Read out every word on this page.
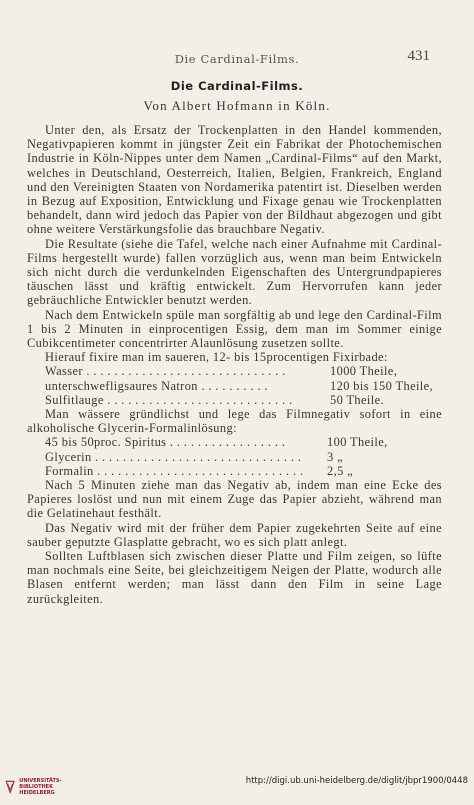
Die Cardinal-Films.	431
Die Cardinal-Films.
Von Albert Hofmann in Köln.

Unter den, als Ersatz der Trockenplatten in den Handel kommenden, Negativpapieren kommt in jüngster Zeit ein Fabrikat der Photochemischen Industrie in Köln-Nippes unter dem Namen „Cardinal-Films“ auf den Markt, welches in Deutschland, Oesterreich, Italien, Belgien, Frankreich, England und den Vereinigten Staaten von Nordamerika patentirt ist. Dieselben werden in Bezug auf Exposition, Entwicklung und Fixage genau wie Trockenplatten behandelt, dann wird jedoch das Papier von der Bildhaut abgezogen und gibt ohne weitere Verstärkungsfolie das brauchbare Negativ.

Die Resultate (siehe die Tafel, welche nach einer Aufnahme mit Cardinal-Films hergestellt wurde) fallen vorzüglich aus, wenn man beim Entwickeln sich nicht durch die verdunkelnden Eigenschaften des Untergrundpapieres täuschen lässt und kräftig entwickelt. Zum Hervorrufen kann jeder gebräuchliche Entwickler benutzt werden.

Nach dem Entwickeln spüle man sorgfältig ab und lege den Cardinal-Film 1 bis 2 Minuten in einprocentigen Essig, dem man im Sommer einige Cubikcentimeter concentrirter Alaunlösung zusetzen sollte.

Hierauf fixire man im saueren, 12- bis 15procentigen Fixirbade:

Wasser . . . . . . . . . . . . . . . . . . . . . . . . . . . . .	1000 Theile,
unterschwefligsaures Natron . . . . . . . . . .	120 bis 150 Theile,
Sulfitlauge . . . . . . . . . . . . . . . . . . . . . . . . . . .	50 Theile.

Man wässere gründlichst und lege das Filmnegativ sofort in eine alkoholische Glycerin-Formalinlösung:

45 bis 50proc. Spiritus . . . . . . . . . . . . . . . . .	100 Theile,
Glycerin . . . . . . . . . . . . . . . . . . . . . . . . . . . . . .	3 „
Formalin . . . . . . . . . . . . . . . . . . . . . . . . . . . . . .	2,5 „

Nach 5 Minuten ziehe man das Negativ ab, indem man eine Ecke des Papieres loslöst und nun mit einem Zuge das Papier abzieht, während man die Gelatinehaut festhält.

Das Negativ wird mit der früher dem Papier zugekehrten Seite auf eine sauber geputzte Glasplatte gebracht, wo es sich platt anlegt.

Sollten Luftblasen sich zwischen dieser Platte und Film zeigen, so lüfte man nochmals eine Seite, bei gleichzeitigem Neigen der Platte, wodurch alle Blasen entfernt werden; man lässt dann den Film in seine Lage zurückgleiten.

UNIVERSITÄTS- BIBLIOTHEK HEIDELBERG
http://digi.ub.uni-heidelberg.de/diglit/jbpr1900/0448
